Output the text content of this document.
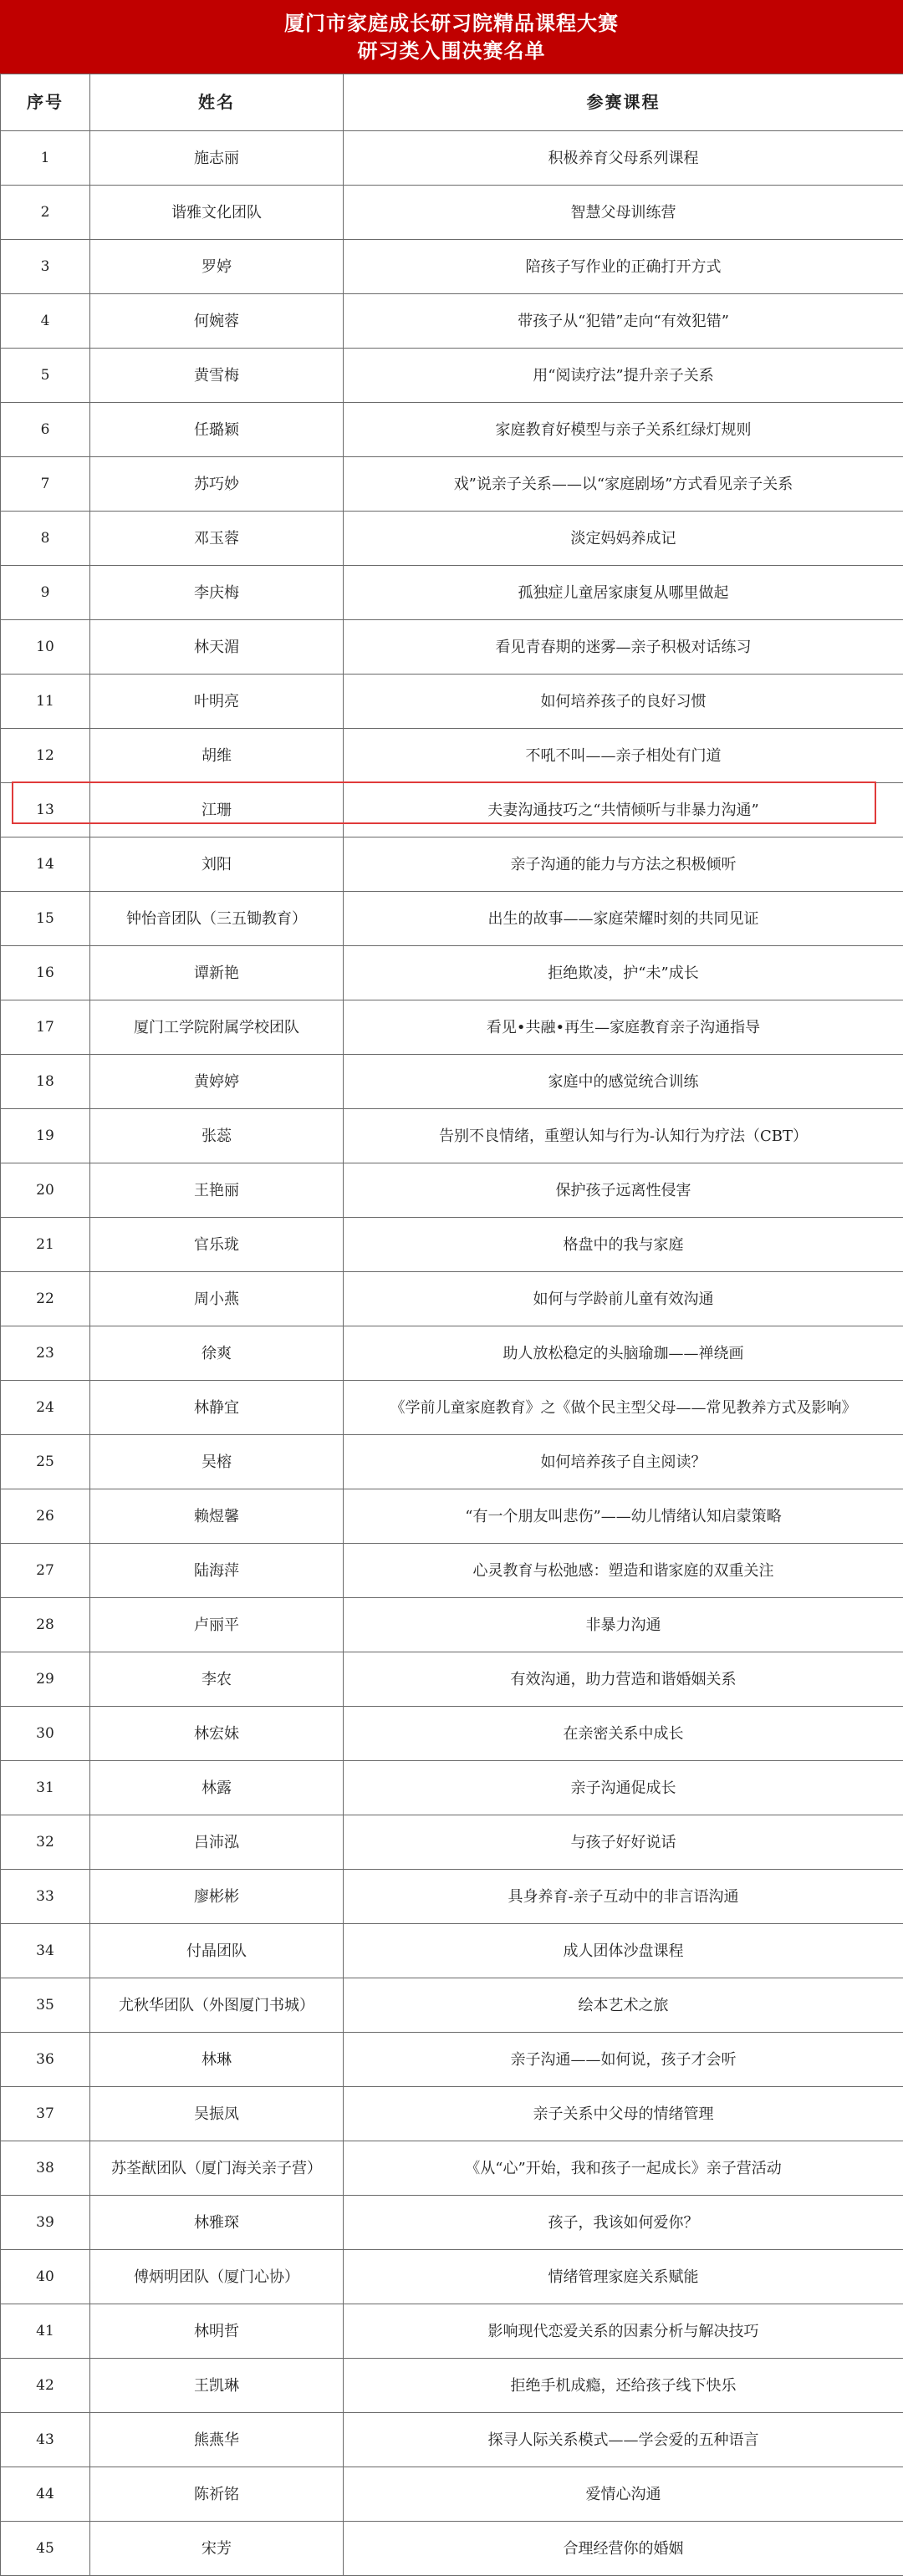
厦门市家庭成长研习院精品课程大赛
研习类入围决赛名单
序号	姓名	参赛课程
1	施志丽	积极养育父母系列课程
2	谐雅文化团队	智慧父母训练营
3	罗婷	陪孩子写作业的正确打开方式
4	何婉蓉	带孩子从“犯错”走向“有效犯错”
5	黄雪梅	用“阅读疗法”提升亲子关系
6	任璐颖	家庭教育好模型与亲子关系红绿灯规则
7	苏巧妙	戏”说亲子关系——以“家庭剧场”方式看见亲子关系
8	邓玉蓉	淡定妈妈养成记
9	李庆梅	孤独症儿童居家康复从哪里做起
10	林天湄	看见青春期的迷雾—亲子积极对话练习
11	叶明亮	如何培养孩子的良好习惯
12	胡维	不吼不叫——亲子相处有门道
13	江珊	夫妻沟通技巧之“共情倾听与非暴力沟通”
14	刘阳	亲子沟通的能力与方法之积极倾听
15	钟怡音团队（三五锄教育）	出生的故事——家庭荣耀时刻的共同见证
16	谭新艳	拒绝欺凌，护“未”成长
17	厦门工学院附属学校团队	看见•共融•再生—家庭教育亲子沟通指导
18	黄婷婷	家庭中的感觉统合训练
19	张蕊	告别不良情绪，重塑认知与行为-认知行为疗法（CBT）
20	王艳丽	保护孩子远离性侵害
21	官乐珑	格盘中的我与家庭
22	周小燕	如何与学龄前儿童有效沟通
23	徐爽	助人放松稳定的头脑瑜珈——禅绕画
24	林静宜	《学前儿童家庭教育》之《做个民主型父母——常见教养方式及影响》
25	吴榕	如何培养孩子自主阅读？
26	赖煜馨	“有一个朋友叫悲伤”——幼儿情绪认知启蒙策略
27	陆海萍	心灵教育与松弛感：塑造和谐家庭的双重关注
28	卢丽平	非暴力沟通
29	李农	有效沟通，助力营造和谐婚姻关系
30	林宏妹	在亲密关系中成长
31	林露	亲子沟通促成长
32	吕沛泓	与孩子好好说话
33	廖彬彬	具身养育-亲子互动中的非言语沟通
34	付晶团队	成人团体沙盘课程
35	尤秋华团队（外图厦门书城）	绘本艺术之旅
36	林琳	亲子沟通——如何说，孩子才会听
37	吴振凤	亲子关系中父母的情绪管理
38	苏荃猷团队（厦门海关亲子营）	《从“心”开始，我和孩子一起成长》亲子营活动
39	林雅琛	孩子，我该如何爱你？
40	傅炳明团队（厦门心协）	情绪管理家庭关系赋能
41	林明哲	影响现代恋爱关系的因素分析与解决技巧
42	王凯琳	拒绝手机成瘾，还给孩子线下快乐
43	熊燕华	探寻人际关系模式——学会爱的五种语言
44	陈祈铭	爱情心沟通
45	宋芳	合理经营你的婚姻
